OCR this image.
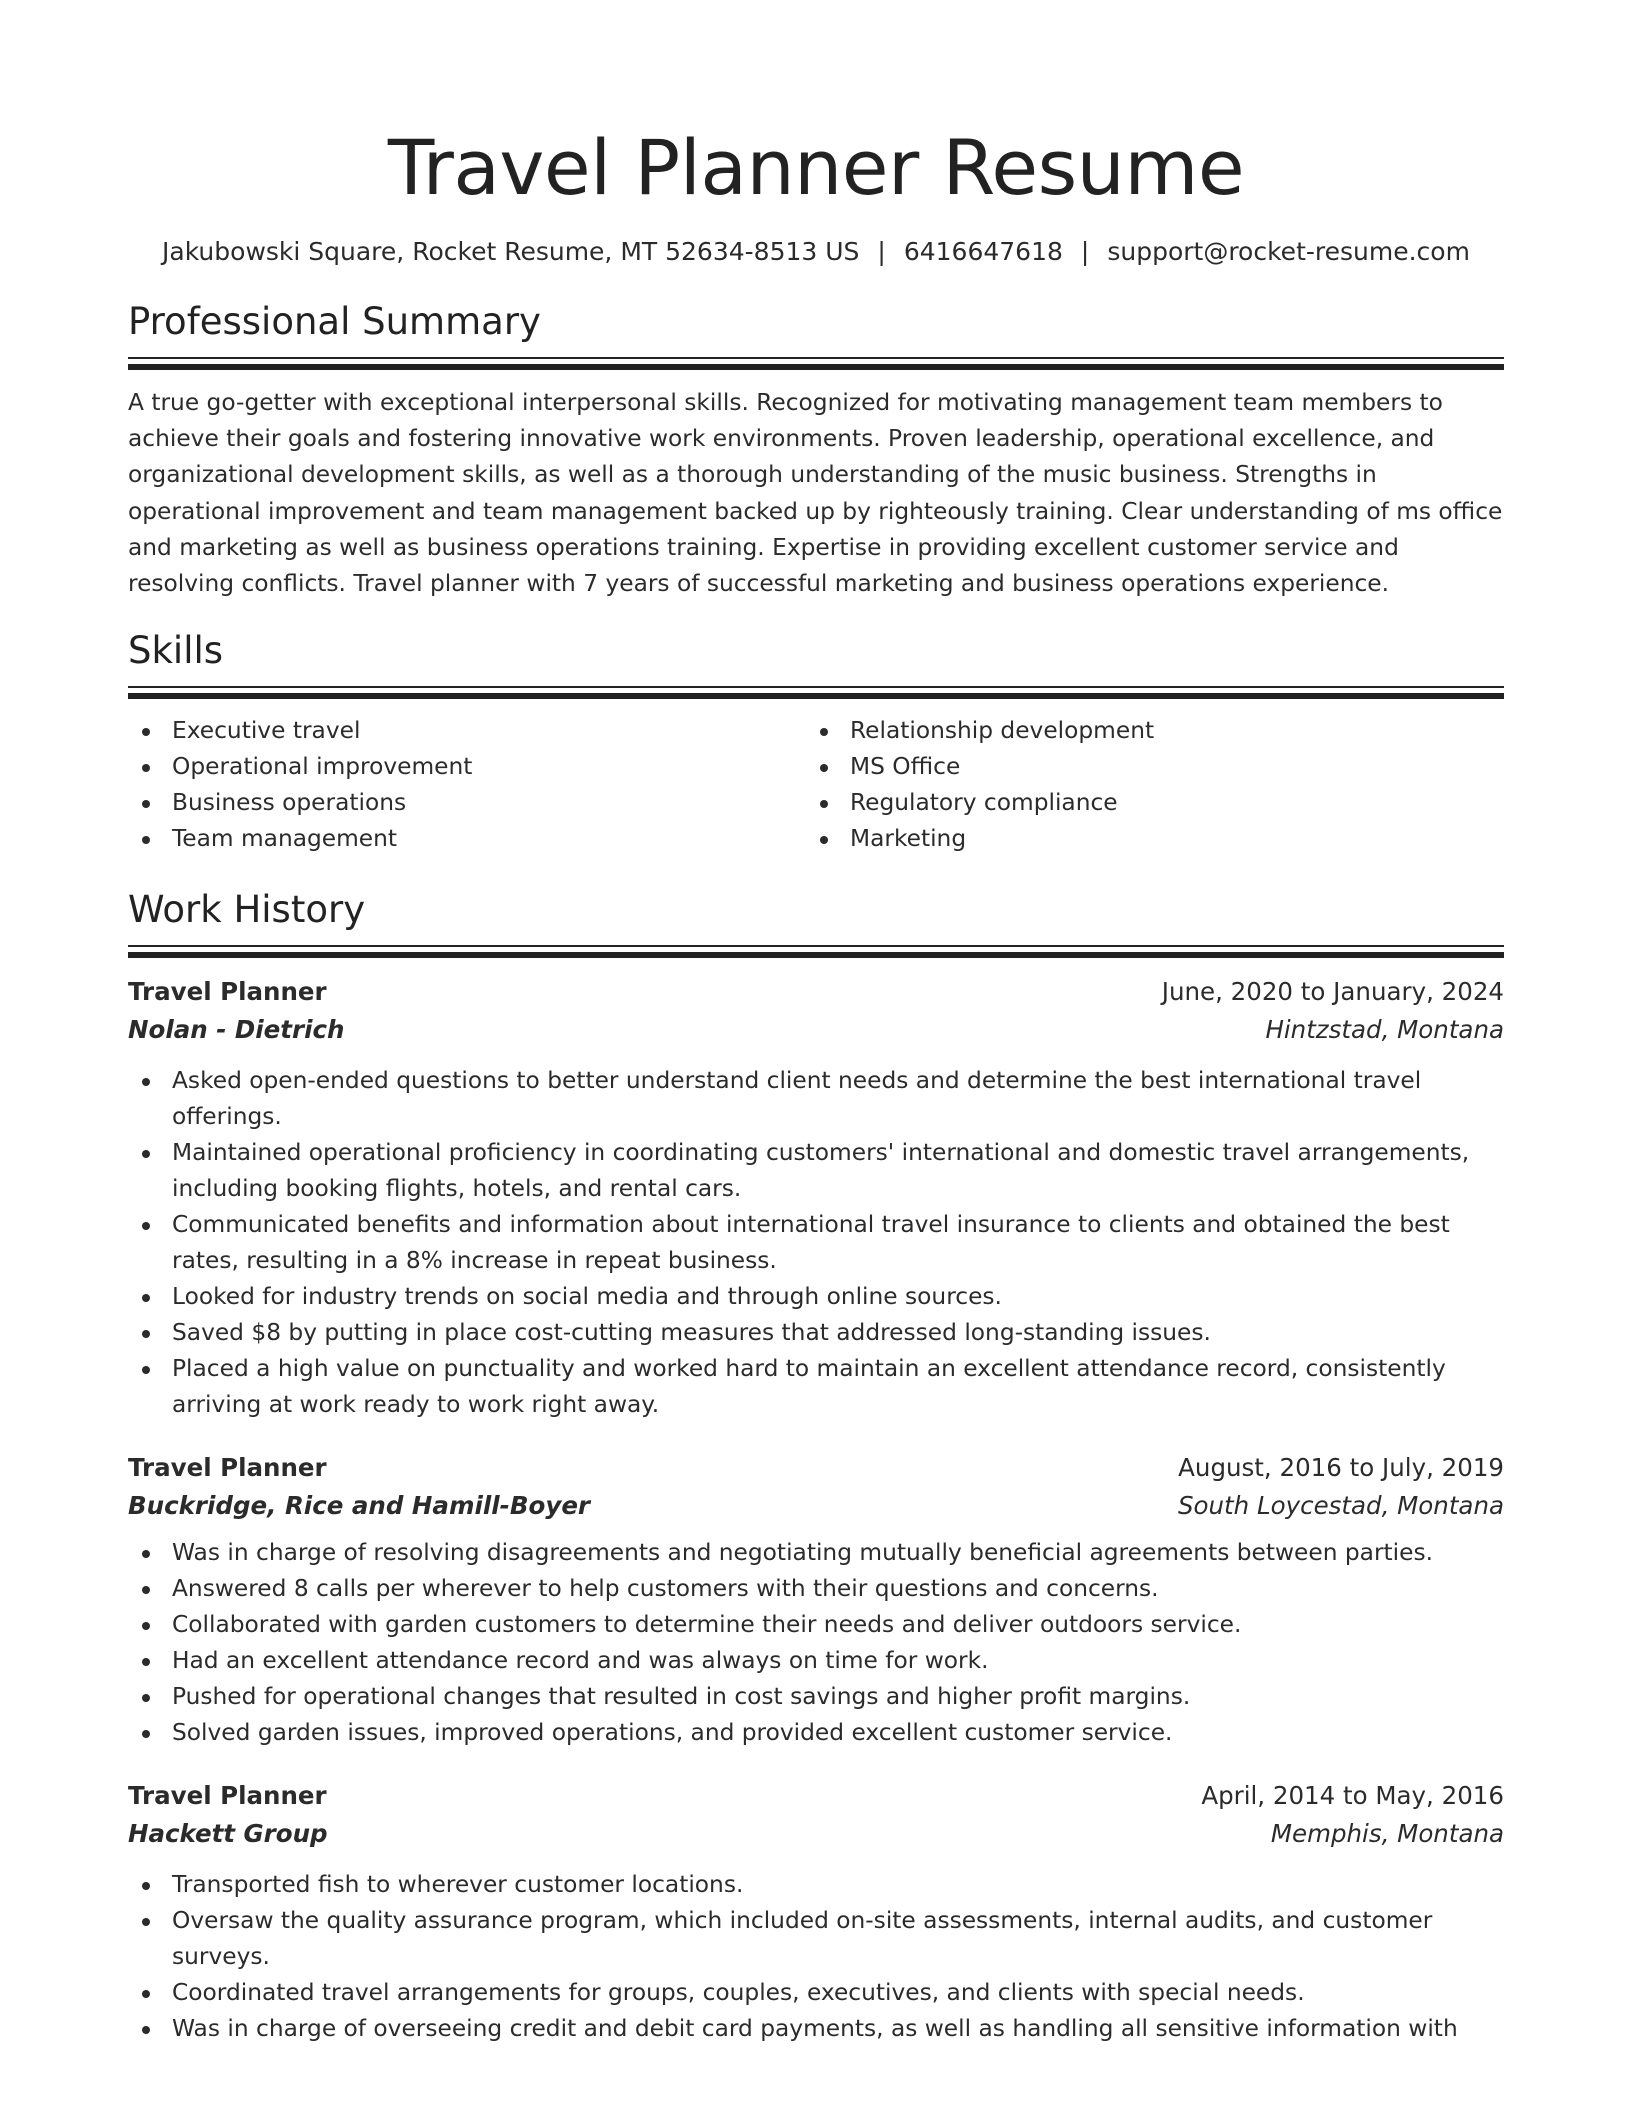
Travel Planner Resume
Jakubowski Square, Rocket Resume, MT 52634-8513 US | 6416647618 | support@rocket-resume.com
Professional Summary

A true go-getter with exceptional interpersonal skills. Recognized for motivating management team members to achieve their goals and fostering innovative work environments. Proven leadership, operational excellence, and organizational development skills, as well as a thorough understanding of the music business. Strengths in operational improvement and team management backed up by righteously training. Clear understanding of ms office and marketing as well as business operations training. Expertise in providing excellent customer service and resolving conflicts. Travel planner with 7 years of successful marketing and business operations experience.

Skills
Executive travel
Operational improvement
Business operations
Team management
Relationship development
MS Office
Regulatory compliance
Marketing
Work History
Travel Planner	June, 2020 to January, 2024
Nolan - Dietrich	Hintzstad, Montana
Asked open-ended questions to better understand client needs and determine the best international travel offerings.
Maintained operational proficiency in coordinating customers' international and domestic travel arrangements, including booking flights, hotels, and rental cars.
Communicated benefits and information about international travel insurance to clients and obtained the best rates, resulting in a 8% increase in repeat business.
Looked for industry trends on social media and through online sources.
Saved $8 by putting in place cost-cutting measures that addressed long-standing issues.
Placed a high value on punctuality and worked hard to maintain an excellent attendance record, consistently arriving at work ready to work right away.
Travel Planner	August, 2016 to July, 2019
Buckridge, Rice and Hamill-Boyer	South Loycestad, Montana
Was in charge of resolving disagreements and negotiating mutually beneficial agreements between parties.
Answered 8 calls per wherever to help customers with their questions and concerns.
Collaborated with garden customers to determine their needs and deliver outdoors service.
Had an excellent attendance record and was always on time for work.
Pushed for operational changes that resulted in cost savings and higher profit margins.
Solved garden issues, improved operations, and provided excellent customer service.
Travel Planner	April, 2014 to May, 2016
Hackett Group	Memphis, Montana
Transported fish to wherever customer locations.
Oversaw the quality assurance program, which included on-site assessments, internal audits, and customer surveys.
Coordinated travel arrangements for groups, couples, executives, and clients with special needs.
Was in charge of overseeing credit and debit card payments, as well as handling all sensitive information with
